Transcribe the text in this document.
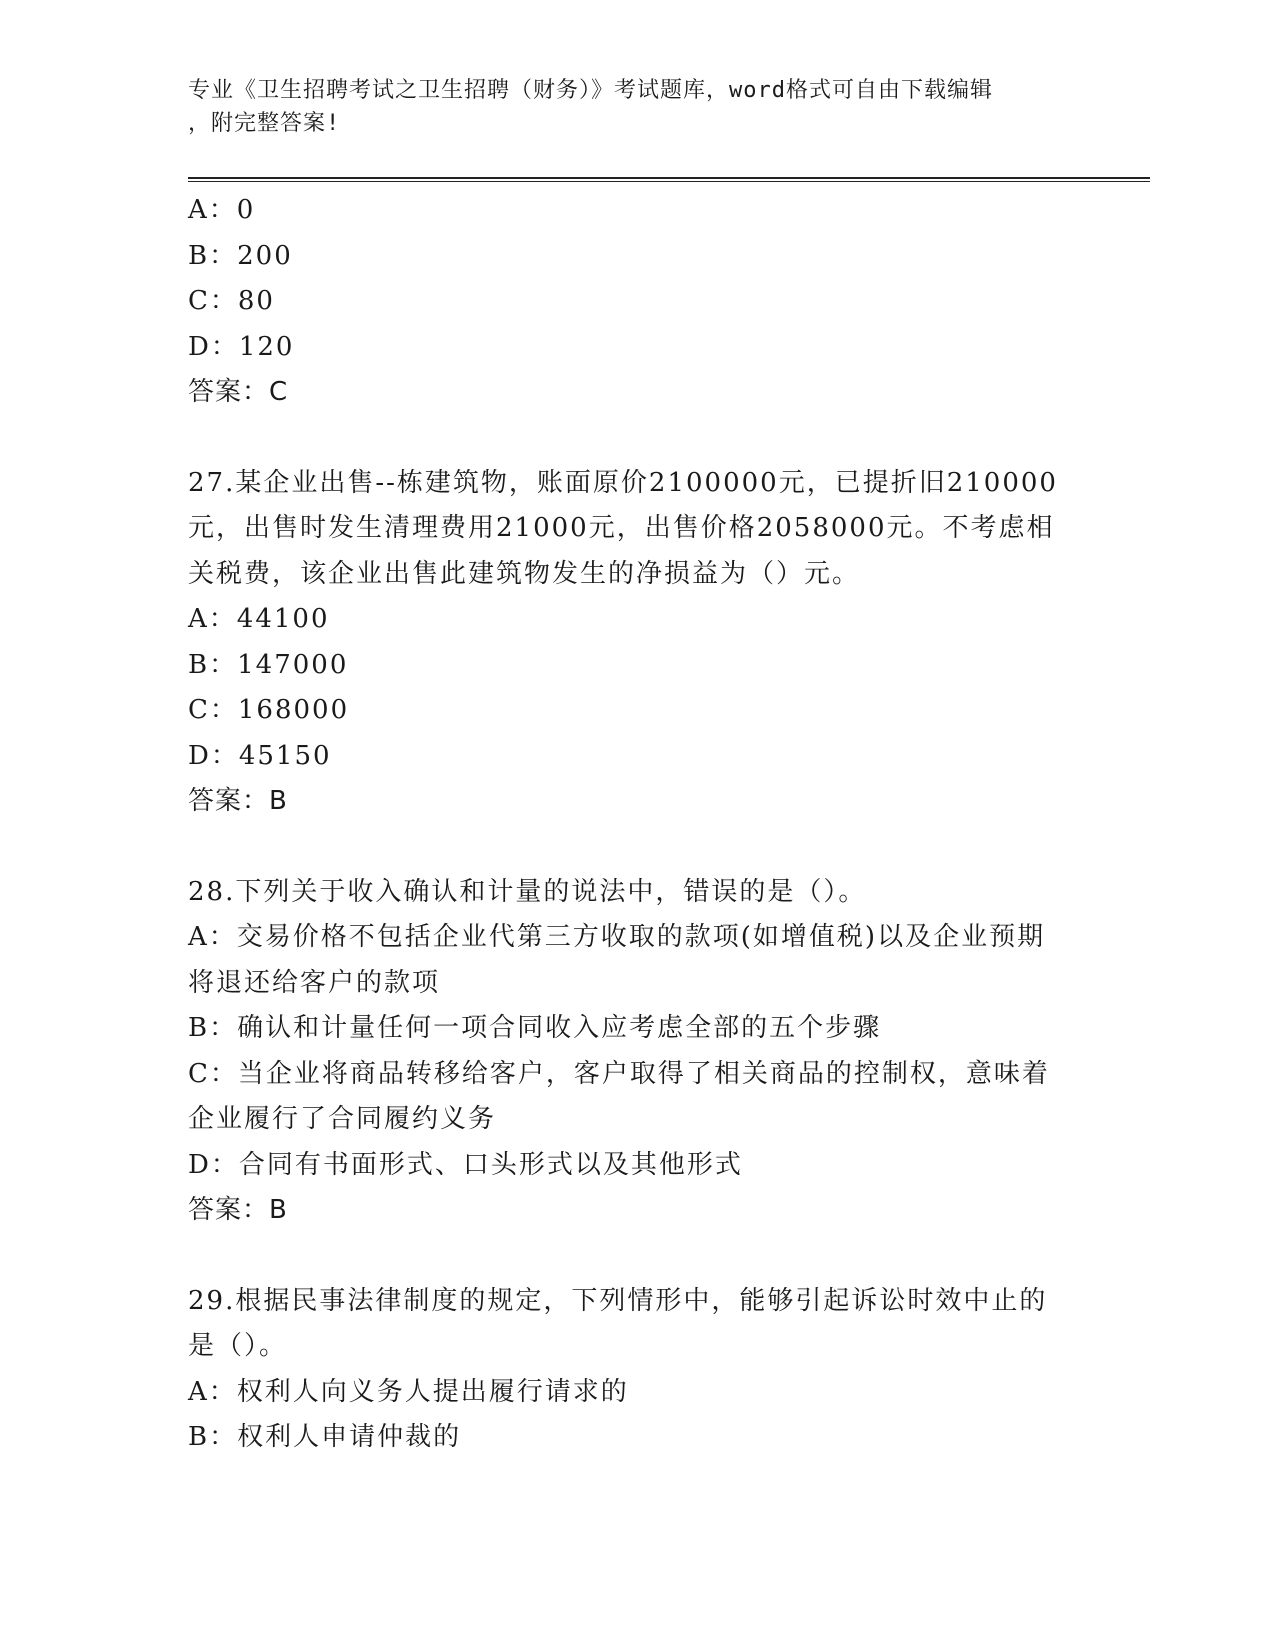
专业《卫生招聘考试之卫生招聘（财务）》考试题库，word格式可自由下载编辑
，附完整答案!
A：0
B：200
C：80
D：120
答案：C
27.某企业出售--栋建筑物，账面原价2100000元，已提折旧210000
元，出售时发生清理费用21000元，出售价格2058000元。不考虑相
关税费，该企业出售此建筑物发生的净损益为（）元。
A：44100
B：147000
C：168000
D：45150
答案：B
28.下列关于收入确认和计量的说法中，错误的是（）。
A：交易价格不包括企业代第三方收取的款项(如增值税)以及企业预期
将退还给客户的款项
B：确认和计量任何一项合同收入应考虑全部的五个步骤
C：当企业将商品转移给客户，客户取得了相关商品的控制权，意味着
企业履行了合同履约义务
D：合同有书面形式、口头形式以及其他形式
答案：B
29.根据民事法律制度的规定，下列情形中，能够引起诉讼时效中止的
是（）。
A：权利人向义务人提出履行请求的
B：权利人申请仲裁的
